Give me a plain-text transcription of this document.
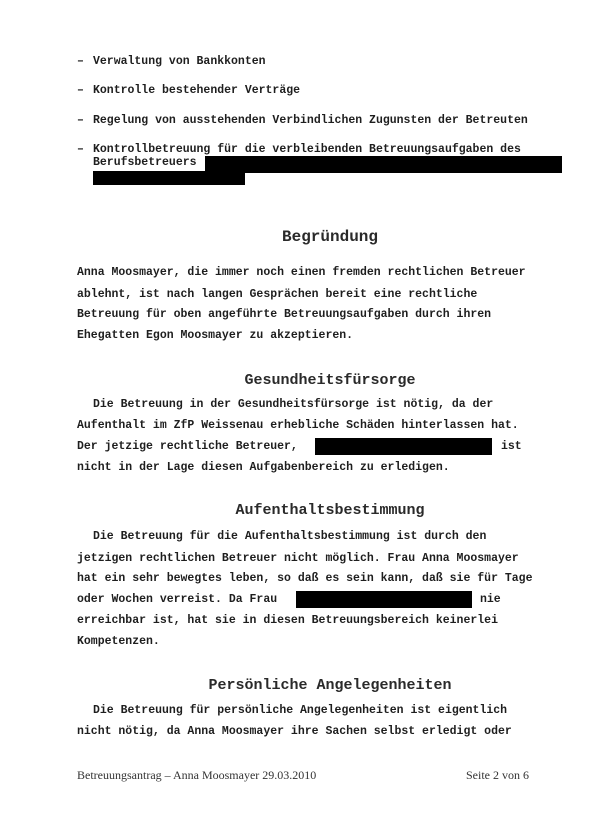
– Verwaltung von Bankkonten
– Kontrolle bestehender Verträge
– Regelung von ausstehenden Verbindlichen Zugunsten der Betreuten
– Kontrollbetreuung für die verbleibenden Betreuungsaufgaben des
Berufsbetreuers
Begründung
Anna Moosmayer, die immer noch einen fremden rechtlichen Betreuer
ablehnt, ist nach langen Gesprächen bereit eine rechtliche
Betreuung für oben angeführte Betreuungsaufgaben durch ihren
Ehegatten Egon Moosmayer zu akzeptieren.
Gesundheitsfürsorge
Die Betreuung in der Gesundheitsfürsorge ist nötig, da der
Aufenthalt im ZfP Weissenau erhebliche Schäden hinterlassen hat.
Der jetzige rechtliche Betreuer,	ist
nicht in der Lage diesen Aufgabenbereich zu erledigen.
Aufenthaltsbestimmung
Die Betreuung für die Aufenthaltsbestimmung ist durch den
jetzigen rechtlichen Betreuer nicht möglich. Frau Anna Moosmayer
hat ein sehr bewegtes leben, so daß es sein kann, daß sie für Tage
oder Wochen verreist. Da Frau	nie
erreichbar ist, hat sie in diesen Betreuungsbereich keinerlei
Kompetenzen.
Persönliche Angelegenheiten
Die Betreuung für persönliche Angelegenheiten ist eigentlich
nicht nötig, da Anna Moosmayer ihre Sachen selbst erledigt oder
Betreuungsantrag – Anna Moosmayer 29.03.2010	Seite 2 von 6
